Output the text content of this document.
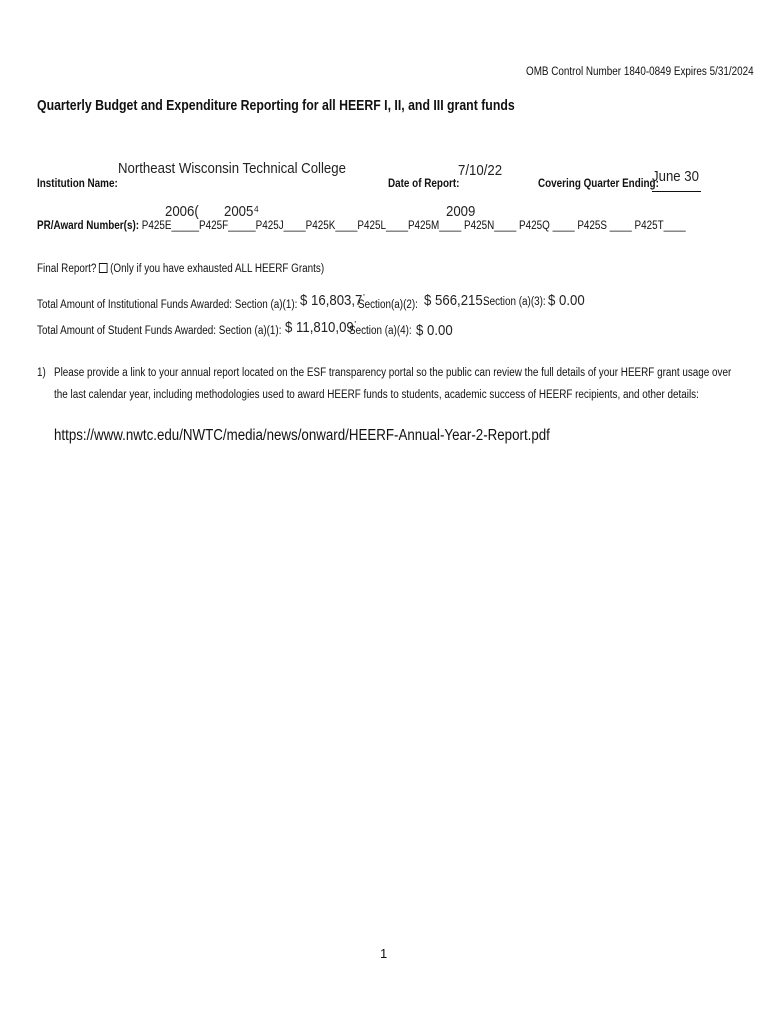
OMB Control Number 1840-0849 Expires 5/31/2024
Quarterly Budget and Expenditure Reporting for all HEERF I, II, and III grant funds
Institution Name:
Northeast Wisconsin Technical College
Date of Report:
7/10/22
Covering Quarter Ending:
June 30
PR/Award Number(s): P425E_____P425F_____P425J____P425K____P425L____P425M____ P425N____ P425Q ____ P425S ____ P425T____
2006( 2005⁴	2009
Final Report? (Only if you have exhausted ALL HEERF Grants)
Total Amount of Institutional Funds Awarded: Section (a)(1): $ 16,803,7˙
Section(a)(2): $ 566,215.
Section (a)(3): $ 0.00
Total Amount of Student Funds Awarded: Section (a)(1): $ 11,810,09˙
Section (a)(4): $ 0.00
1) Please provide a link to your annual report located on the ESF transparency portal so the public can review the full details of your HEERF grant usage over
the last calendar year, including methodologies used to award HEERF funds to students, academic success of HEERF recipients, and other details:
https://www.nwtc.edu/NWTC/media/news/onward/HEERF-Annual-Year-2-Report.pdf
1
